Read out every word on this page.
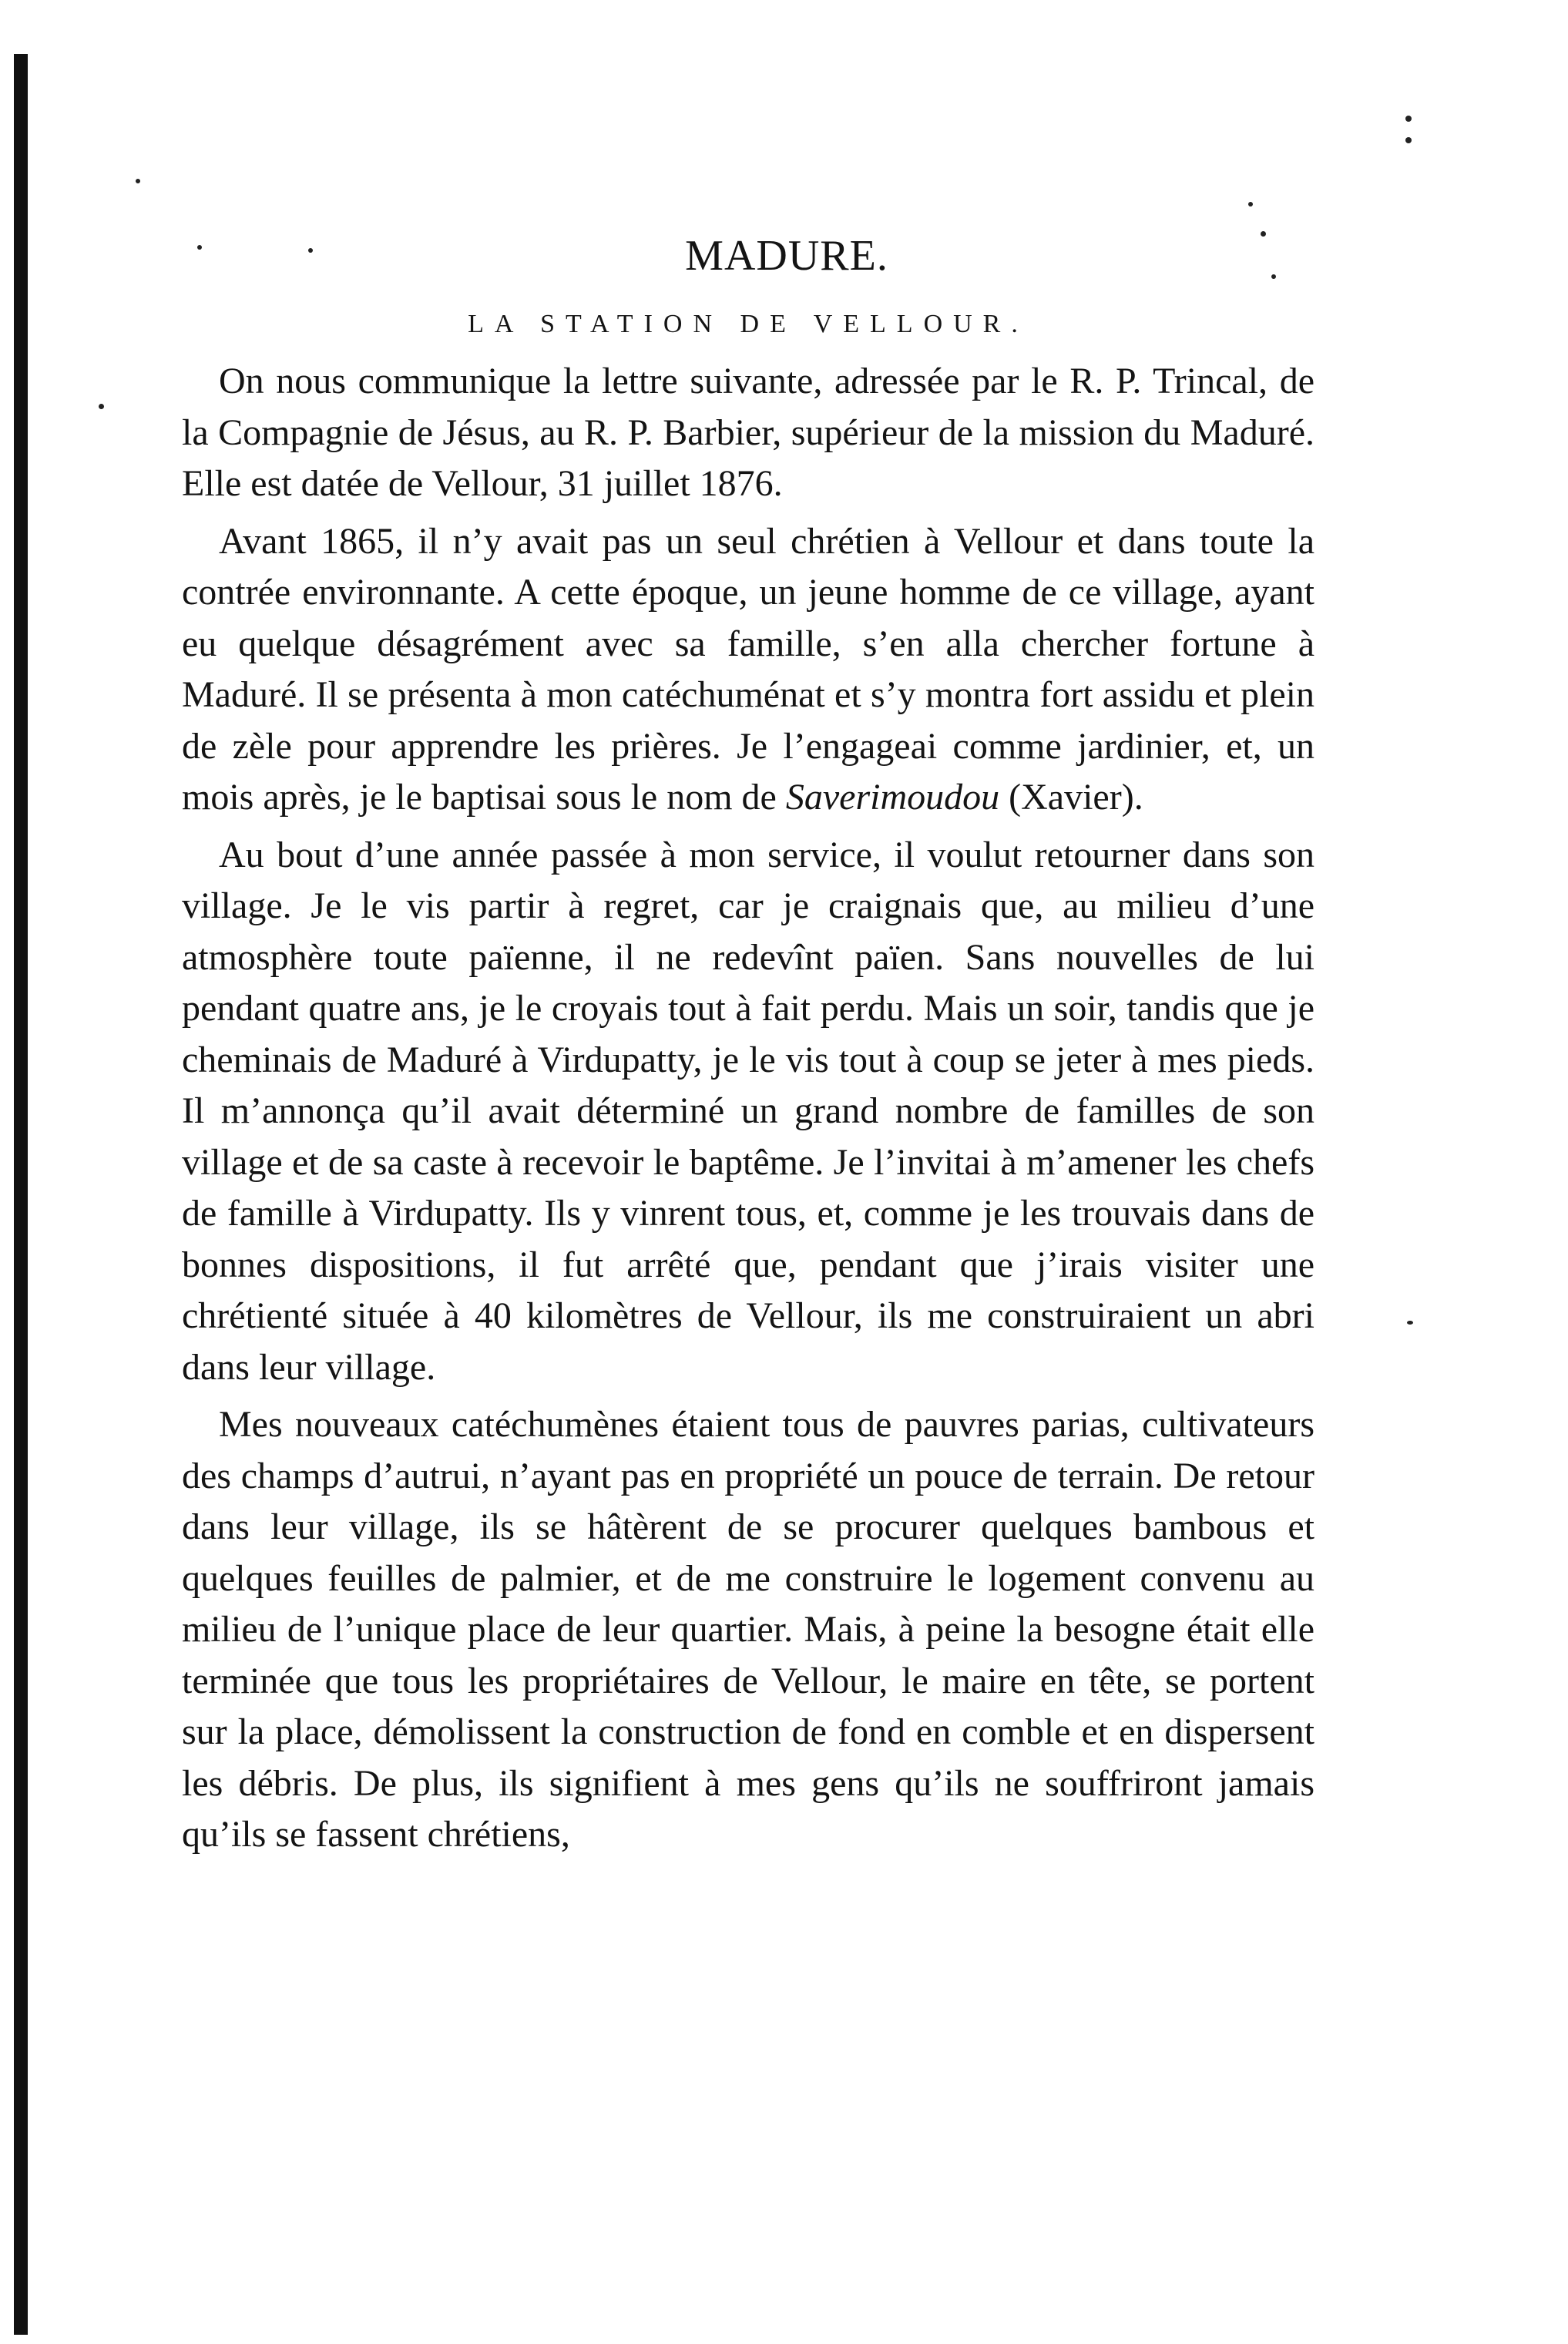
MADURE.
LA STATION DE VELLOUR.

On nous communique la lettre suivante, adressée par le R. P. Trincal, de la Compagnie de Jésus, au R. P. Barbier, supérieur de la mission du Maduré. Elle est datée de Vellour, 31 juillet 1876.

Avant 1865, il n’y avait pas un seul chrétien à Vellour et dans toute la contrée environnante. A cette époque, un jeune homme de ce village, ayant eu quelque désagrément avec sa famille, s’en alla chercher fortune à Maduré. Il se présenta à mon catéchuménat et s’y montra fort assidu et plein de zèle pour apprendre les prières. Je l’engageai comme jardinier, et, un mois après, je le baptisai sous le nom de Saverimoudou (Xavier).

Au bout d’une année passée à mon service, il voulut retourner dans son village. Je le vis partir à regret, car je craignais que, au milieu d’une atmosphère toute païenne, il ne redevînt païen. Sans nouvelles de lui pendant quatre ans, je le croyais tout à fait perdu. Mais un soir, tandis que je cheminais de Maduré à Virdupatty, je le vis tout à coup se jeter à mes pieds. Il m’annonça qu’il avait déterminé un grand nombre de familles de son village et de sa caste à recevoir le baptême. Je l’invitai à m’amener les chefs de famille à Virdupatty. Ils y vinrent tous, et, comme je les trouvais dans de bonnes dispositions, il fut arrêté que, pendant que j’irais visiter une chrétienté située à 40 kilomètres de Vellour, ils me construiraient un abri dans leur village.

Mes nouveaux catéchumènes étaient tous de pauvres parias, cultivateurs des champs d’autrui, n’ayant pas en propriété un pouce de terrain. De retour dans leur village, ils se hâtèrent de se procurer quelques bambous et quelques feuilles de palmier, et de me construire le logement convenu au milieu de l’unique place de leur quartier. Mais, à peine la besogne était elle terminée que tous les propriétaires de Vellour, le maire en tête, se portent sur la place, démolissent la construction de fond en comble et en dispersent les débris. De plus, ils signifient à mes gens qu’ils ne souffriront jamais qu’ils se fassent chrétiens,
